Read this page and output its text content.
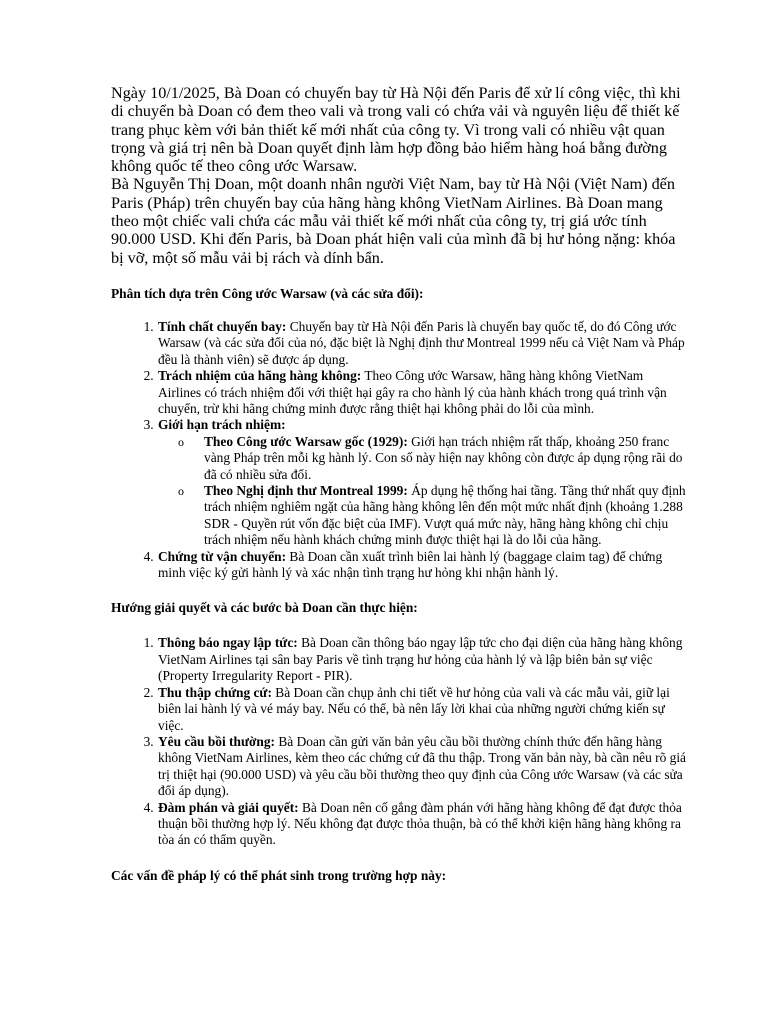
Ngày 10/1/2025, Bà Doan có chuyến bay từ Hà Nội đến Paris để xử lí công việc, thì khi di chuyển bà Doan có đem theo vali và trong vali có chứa vải và nguyên liệu để thiết kế trang phục kèm với bản thiết kế mới nhất của công ty. Vì trong vali có nhiều vật quan trọng và giá trị nên bà Doan quyết định làm hợp đồng bảo hiểm hàng hoá bằng đường không quốc tế theo công ước Warsaw.

Bà Nguyễn Thị Doan, một doanh nhân người Việt Nam, bay từ Hà Nội (Việt Nam) đến Paris (Pháp) trên chuyến bay của hãng hàng không VietNam Airlines. Bà Doan mang theo một chiếc vali chứa các mẫu vải thiết kế mới nhất của công ty, trị giá ước tính 90.000 USD. Khi đến Paris, bà Doan phát hiện vali của mình đã bị hư hỏng nặng: khóa bị vỡ, một số mẫu vải bị rách và dính bẩn.

Phân tích dựa trên Công ước Warsaw (và các sửa đổi):
1. Tính chất chuyến bay: Chuyến bay từ Hà Nội đến Paris là chuyến bay quốc tế, do đó Công ước Warsaw (và các sửa đổi của nó, đặc biệt là Nghị định thư Montreal 1999 nếu cả Việt Nam và Pháp đều là thành viên) sẽ được áp dụng.
2. Trách nhiệm của hãng hàng không: Theo Công ước Warsaw, hãng hàng không VietNam Airlines có trách nhiệm đối với thiệt hại gây ra cho hành lý của hành khách trong quá trình vận chuyển, trừ khi hãng chứng minh được rằng thiệt hại không phải do lỗi của mình.
3. Giới hạn trách nhiệm:
o Theo Công ước Warsaw gốc (1929): Giới hạn trách nhiệm rất thấp, khoảng 250 franc vàng Pháp trên mỗi kg hành lý. Con số này hiện nay không còn được áp dụng rộng rãi do đã có nhiều sửa đổi.
o Theo Nghị định thư Montreal 1999: Áp dụng hệ thống hai tầng. Tầng thứ nhất quy định trách nhiệm nghiêm ngặt của hãng hàng không lên đến một mức nhất định (khoảng 1.288 SDR - Quyền rút vốn đặc biệt của IMF). Vượt quá mức này, hãng hàng không chỉ chịu trách nhiệm nếu hành khách chứng minh được thiệt hại là do lỗi của hãng.
4. Chứng từ vận chuyển: Bà Doan cần xuất trình biên lai hành lý (baggage claim tag) để chứng minh việc ký gửi hành lý và xác nhận tình trạng hư hỏng khi nhận hành lý.
Hướng giải quyết và các bước bà Doan cần thực hiện:
1. Thông báo ngay lập tức: Bà Doan cần thông báo ngay lập tức cho đại diện của hãng hàng không VietNam Airlines tại sân bay Paris về tình trạng hư hỏng của hành lý và lập biên bản sự việc (Property Irregularity Report - PIR).
2. Thu thập chứng cứ: Bà Doan cần chụp ảnh chi tiết về hư hỏng của vali và các mẫu vải, giữ lại biên lai hành lý và vé máy bay. Nếu có thể, bà nên lấy lời khai của những người chứng kiến sự việc.
3. Yêu cầu bồi thường: Bà Doan cần gửi văn bản yêu cầu bồi thường chính thức đến hãng hàng không VietNam Airlines, kèm theo các chứng cứ đã thu thập. Trong văn bản này, bà cần nêu rõ giá trị thiệt hại (90.000 USD) và yêu cầu bồi thường theo quy định của Công ước Warsaw (và các sửa đổi áp dụng).
4. Đàm phán và giải quyết: Bà Doan nên cố gắng đàm phán với hãng hàng không để đạt được thỏa thuận bồi thường hợp lý. Nếu không đạt được thỏa thuận, bà có thể khởi kiện hãng hàng không ra tòa án có thẩm quyền.
Các vấn đề pháp lý có thể phát sinh trong trường hợp này:
